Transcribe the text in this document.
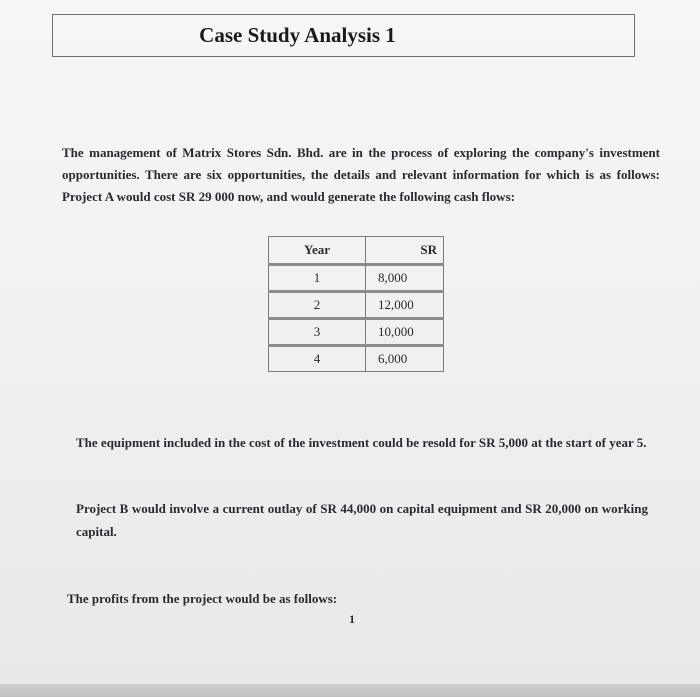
Case Study Analysis 1

The management of Matrix Stores Sdn. Bhd. are in the process of exploring the company's investment opportunities. There are six opportunities, the details and relevant information for which is as follows: Project A would cost SR 29 000 now, and would generate the following cash flows:

Year	SR
1	8,000
2	12,000
3	10,000
4	6,000

The equipment included in the cost of the investment could be resold for SR 5,000 at the start of year 5.

Project B would involve a current outlay of SR 44,000 on capital equipment and SR 20,000 on working capital.

The profits from the project would be as follows:

1
